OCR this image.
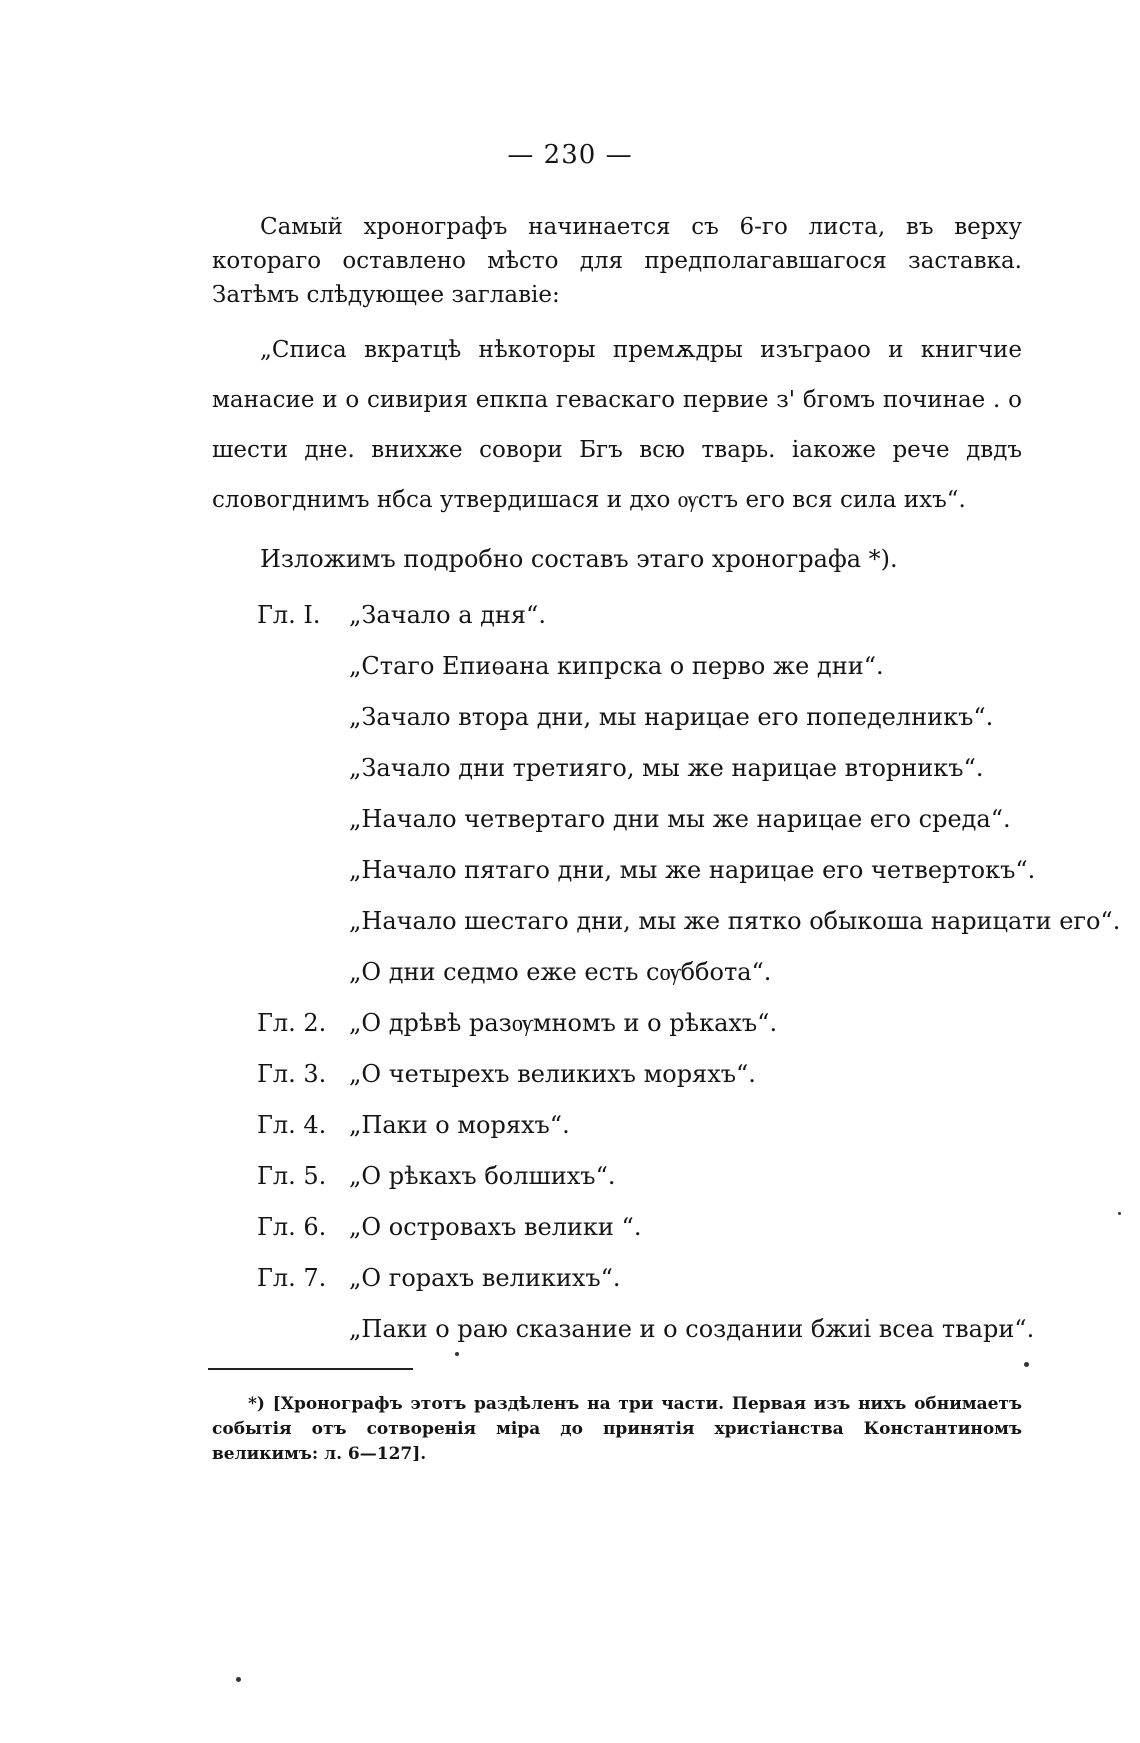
— 230 —

Самый хронографъ начинается съ 6-го листа, въ верху котораго оставлено мѣсто для предполагавшагося заставка. Затѣмъ слѣдующее заглавіе:

„Списа вкратцѣ нѣкоторы премѫдры изъграоо и книгчие манасие и о сивирия епкпа геваскаго первие з' бгомъ починае . о шести дне. внихже совори Бгъ всю тварь. іакоже рече двдъ словогднимъ нбса утвердишася и дхо ѹстъ его вся сила ихъ“.
Изложимъ подробно составъ этаго хронографа *).
Гл. I. „Зачало а дня“.
„Стаго Епиѳана кипрска о перво же дни“.
„Зачало втора дни, мы нарицае его попеделникъ“.
„Зачало дни третияго, мы же нарицае вторникъ“.
„Начало четвертаго дни мы же нарицае его среда“.
„Начало пятаго дни, мы же нарицае его четвертокъ“.
„Начало шестаго дни, мы же пятко обыкоша нарицати его“.
„О дни седмо еже есть сѹббота“.
Гл. 2. „О дрѣвѣ разѹмномъ и о рѣкахъ“.
Гл. 3. „О четырехъ великихъ моряхъ“.
Гл. 4. „Паки о моряхъ“.
Гл. 5. „О рѣкахъ болшихъ“.
Гл. 6. „О островахъ велики “.
Гл. 7. „О горахъ великихъ“.
„Паки о раю сказание и о создании бжиі всеа твари“.
*) [Хронографъ этотъ раздѣленъ на три части. Первая изъ нихъ обнимаетъ событія отъ сотворенія міра до принятія христіанства Константиномъ великимъ: л. 6—127].
